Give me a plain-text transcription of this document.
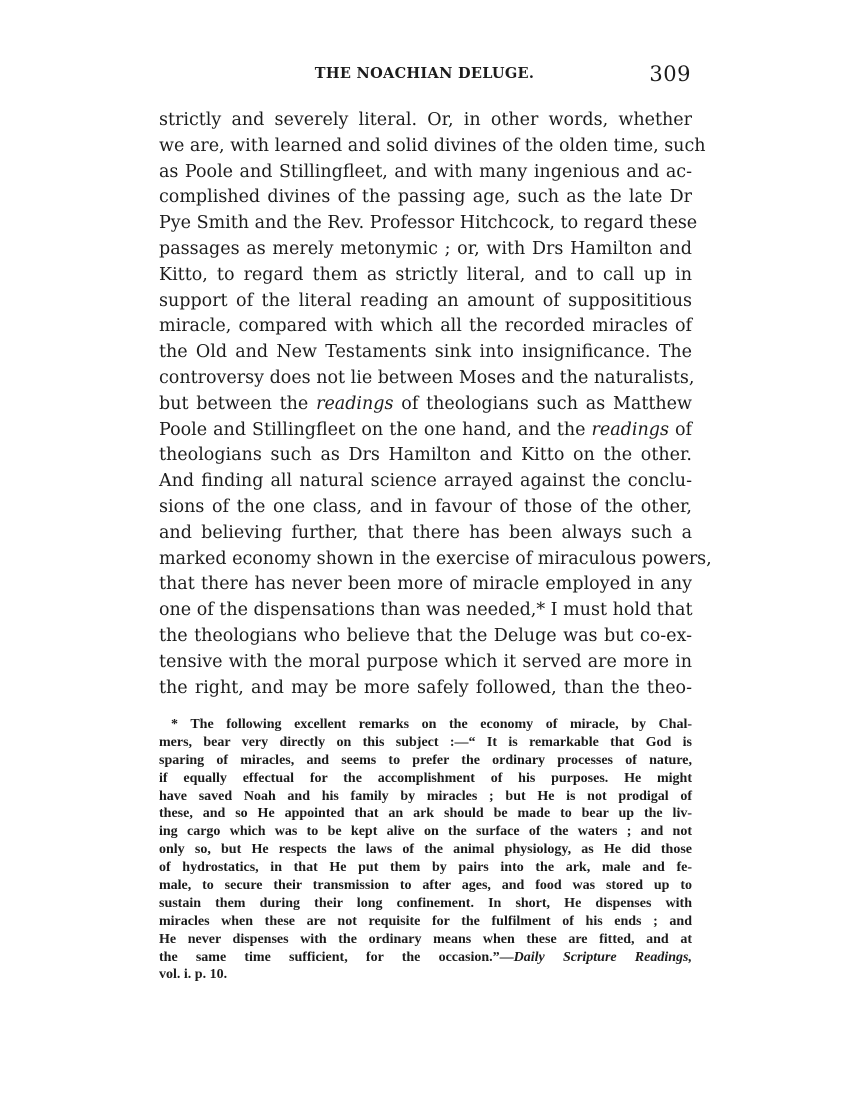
THE NOACHIAN DELUGE.	309
strictly and severely literal. Or, in other words, whether
we are, with learned and solid divines of the olden time, such
as Poole and Stillingfleet, and with many ingenious and ac-
complished divines of the passing age, such as the late Dr
Pye Smith and the Rev. Professor Hitchcock, to regard these
passages as merely metonymic ; or, with Drs Hamilton and
Kitto, to regard them as strictly literal, and to call up in
support of the literal reading an amount of supposititious
miracle, compared with which all the recorded miracles of
the Old and New Testaments sink into insignificance. The
controversy does not lie between Moses and the naturalists,
but between the readings of theologians such as Matthew
Poole and Stillingfleet on the one hand, and the readings of
theologians such as Drs Hamilton and Kitto on the other.
And finding all natural science arrayed against the conclu-
sions of the one class, and in favour of those of the other,
and believing further, that there has been always such a
marked economy shown in the exercise of miraculous powers,
that there has never been more of miracle employed in any
one of the dispensations than was needed,* I must hold that
the theologians who believe that the Deluge was but co-ex-
tensive with the moral purpose which it served are more in
the right, and may be more safely followed, than the theo-
* The following excellent remarks on the economy of miracle, by Chal-
mers, bear very directly on this subject :—“ It is remarkable that God is
sparing of miracles, and seems to prefer the ordinary processes of nature,
if equally effectual for the accomplishment of his purposes. He might
have saved Noah and his family by miracles ; but He is not prodigal of
these, and so He appointed that an ark should be made to bear up the liv-
ing cargo which was to be kept alive on the surface of the waters ; and not
only so, but He respects the laws of the animal physiology, as He did those
of hydrostatics, in that He put them by pairs into the ark, male and fe-
male, to secure their transmission to after ages, and food was stored up to
sustain them during their long confinement. In short, He dispenses with
miracles when these are not requisite for the fulfilment of his ends ; and
He never dispenses with the ordinary means when these are fitted, and at
the same time sufficient, for the occasion.”—Daily Scripture Readings,
vol. i. p. 10.
